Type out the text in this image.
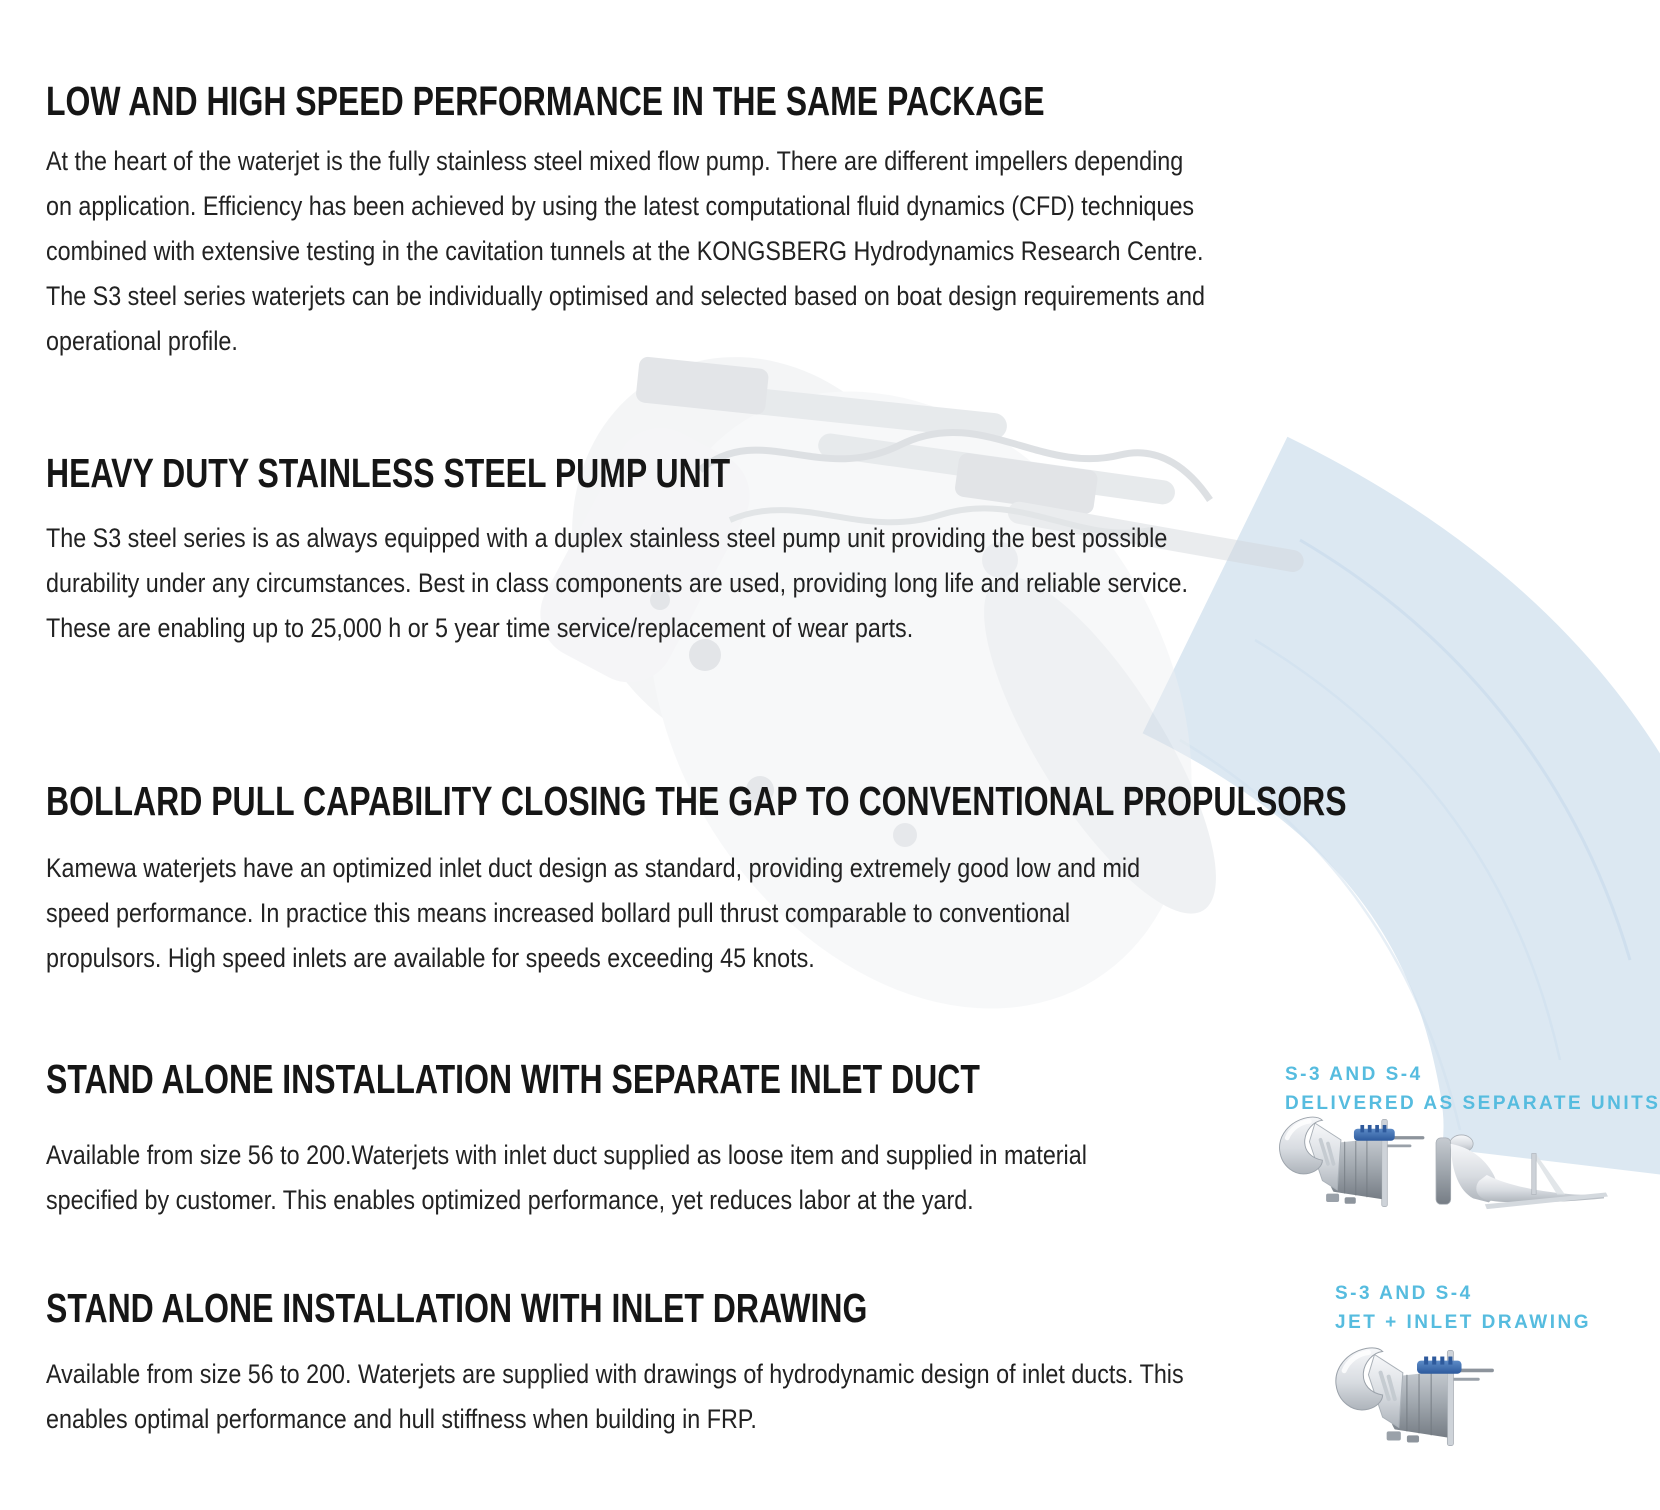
LOW AND HIGH SPEED PERFORMANCE IN THE SAME PACKAGE

At the heart of the waterjet is the fully stainless steel mixed flow pump. There are different impellers depending on application. Efficiency has been achieved by using the latest computational fluid dynamics (CFD) techniques combined with extensive testing in the cavitation tunnels at the KONGSBERG Hydrodynamics Research Centre. The S3 steel series waterjets can be individually optimised and selected based on boat design requirements and operational profile.

HEAVY DUTY STAINLESS STEEL PUMP UNIT

The S3 steel series is as always equipped with a duplex stainless steel pump unit providing the best possible durability under any circumstances. Best in class components are used, providing long life and reliable service. These are enabling up to 25,000 h or 5 year time service/replacement of wear parts.

BOLLARD PULL CAPABILITY CLOSING THE GAP TO CONVENTIONAL PROPULSORS

Kamewa waterjets have an optimized inlet duct design as standard, providing extremely good low and mid speed performance. In practice this means increased bollard pull thrust comparable to conventional propulsors. High speed inlets are available for speeds exceeding 45 knots.

STAND ALONE INSTALLATION WITH SEPARATE INLET DUCT

Available from size 56 to 200.Waterjets with inlet duct supplied as loose item and supplied in material specified by customer. This enables optimized performance, yet reduces labor at the yard.

STAND ALONE INSTALLATION WITH INLET DRAWING

Available from size 56 to 200. Waterjets are supplied with drawings of hydrodynamic design of inlet ducts. This enables optimal performance and hull stiffness when building in FRP.

S-3 AND S-4
DELIVERED AS SEPARATE UNITS
S-3 AND S-4
JET + INLET DRAWING
